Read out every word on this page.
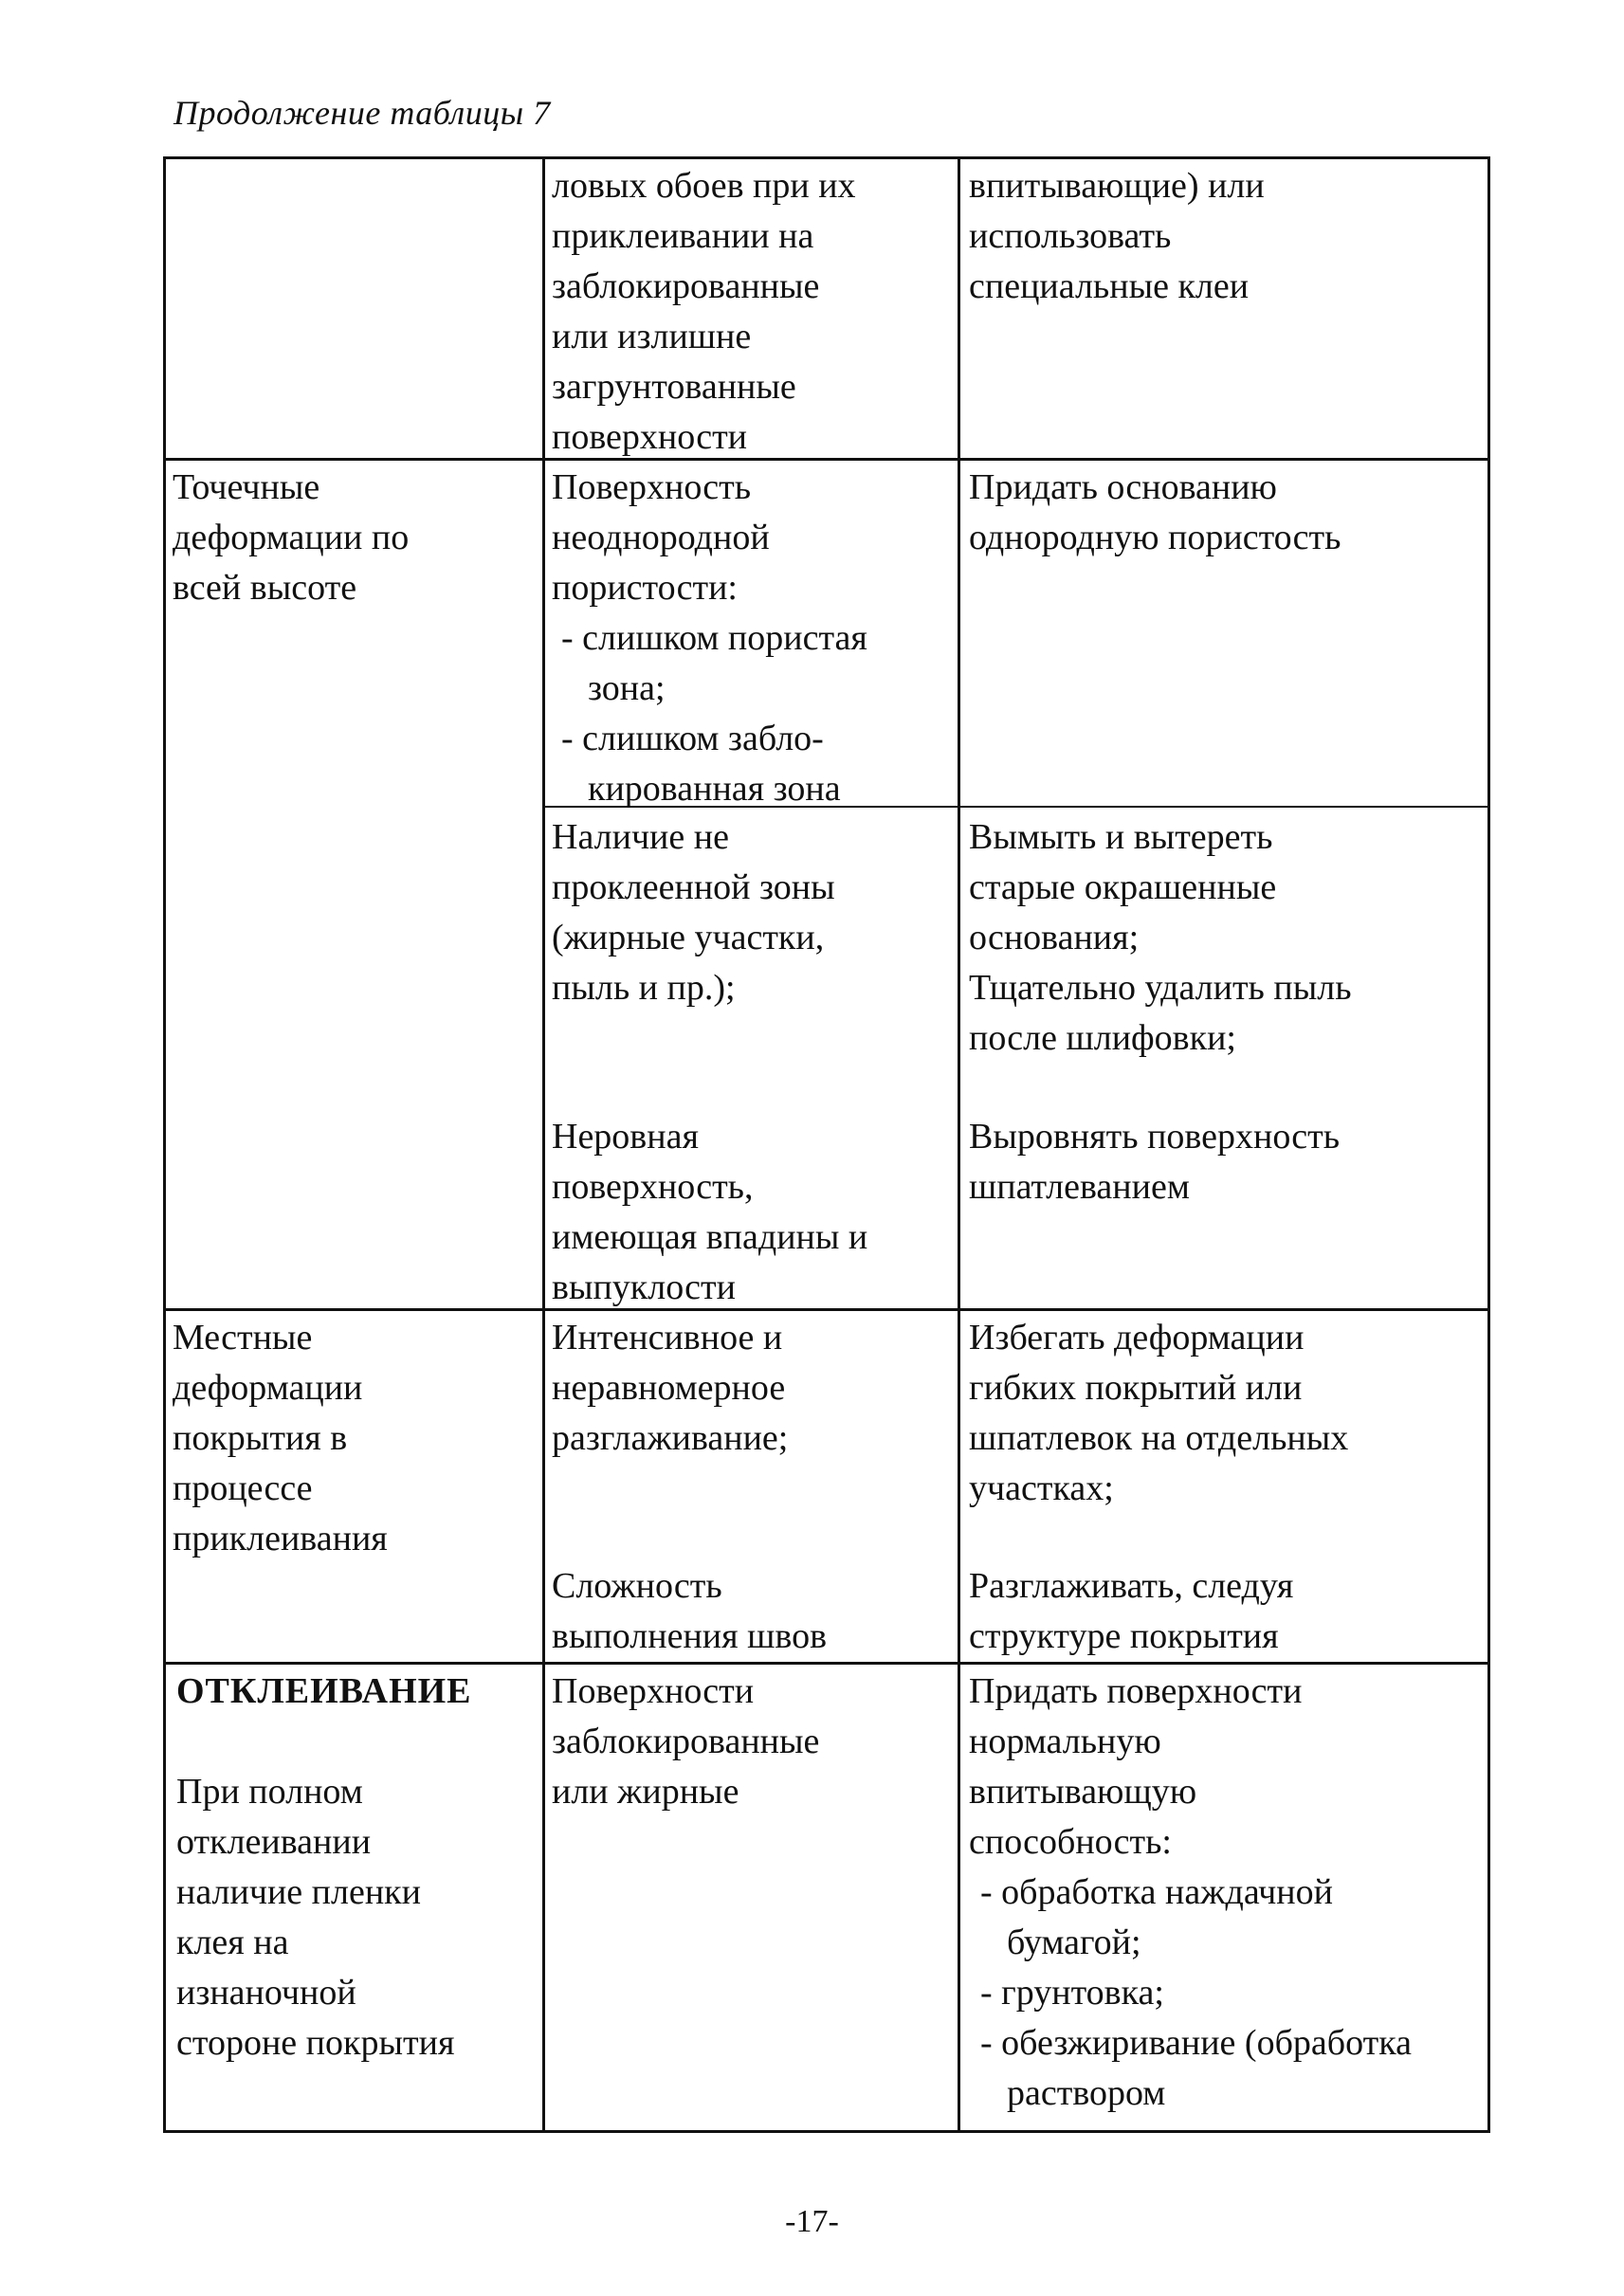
Продолжение таблицы 7
ловых обоев при их
приклеивании на
заблокированные
или излишне
загрунтованные
поверхности
впитывающие) или
использовать
специальные клеи
Точечные
деформации по
всей высоте
Поверхность
неоднородной
пористости:
- слишком пористая зона;
- слишком забло-кированная зона
Придать основанию
однородную пористость
Наличие не
проклеенной зоны
(жирные участки,
пыль и пр.);
Вымыть и вытереть
старые окрашенные
основания;
Тщательно удалить пыль
после шлифовки;
Неровная
поверхность,
имеющая впадины и
выпуклости
Выровнять поверхность
шпатлеванием
Местные
деформации
покрытия в
процессе
приклеивания
Интенсивное и
неравномерное
разглаживание;
Избегать деформации
гибких покрытий или
шпатлевок на отдельных
участках;
Сложность
выполнения швов
Разглаживать, следуя
структуре покрытия
ОТКЛЕИВАНИЕ
При полном
отклеивании
наличие пленки
клея на
изнаночной
стороне покрытия
Поверхности
заблокированные
или жирные
Придать поверхности
нормальную
впитывающую
способность:
- обработка наждачной бумагой;
- грунтовка;
- обезжиривание (обработка раствором
-17-
